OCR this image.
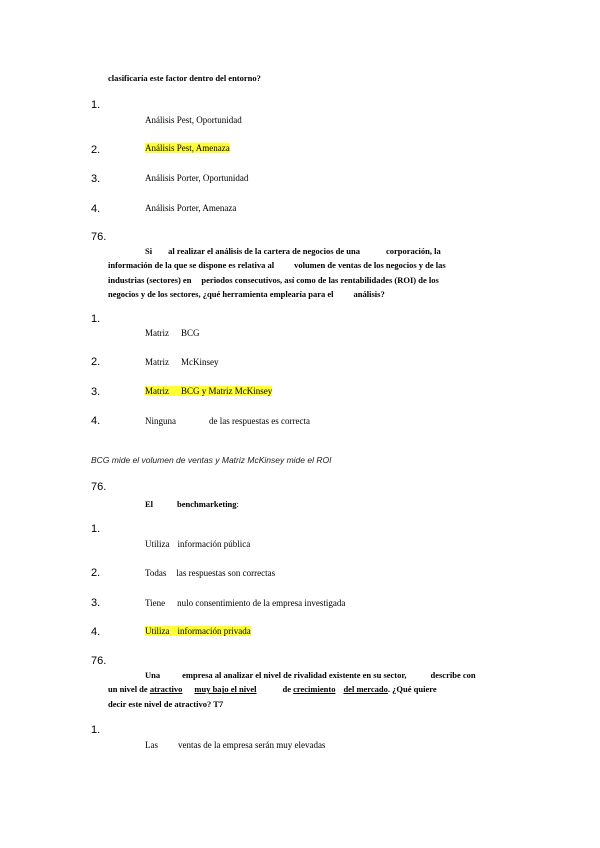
clasificaría este factor dentro del entorno?
1.
Análisis Pest, Oportunidad
2.	Análisis Pest, Amenaza
3.	Análisis Porter, Oportunidad
4.	Análisis Porter, Amenaza
76.
Si al realizar el análisis de la cartera de negocios de una	corporación, la
información de la que se dispone es relativa al volumen de ventas de los negocios y de las
industrias (sectores) en periodos consecutivos, así como de las rentabilidades (ROI) de los
negocios y de los sectores, ¿qué herramienta emplearía para el análisis?
1.
Matriz BCG
2.	Matriz McKinsey
3.	Matriz BCG y Matriz McKinsey
4.	Ninguna	de las respuestas es correcta
BCG mide el volumen de ventas y Matriz McKinsey mide el ROI
76.
El	benchmarketing:
1.
Utiliza información pública
2.	Todas las respuestas son correctas
3.	Tiene nulo consentimiento de la empresa investigada
4.	Utiliza información privada
76.
Una	empresa al analizar el nivel de rivalidad existente en su sector,	describe con
un nivel de atractivo muy bajo el nivel	de crecimiento del mercado. ¿Qué quiere
decir este nivel de atractivo? T7
1.
Las ventas de la empresa serán muy elevadas
